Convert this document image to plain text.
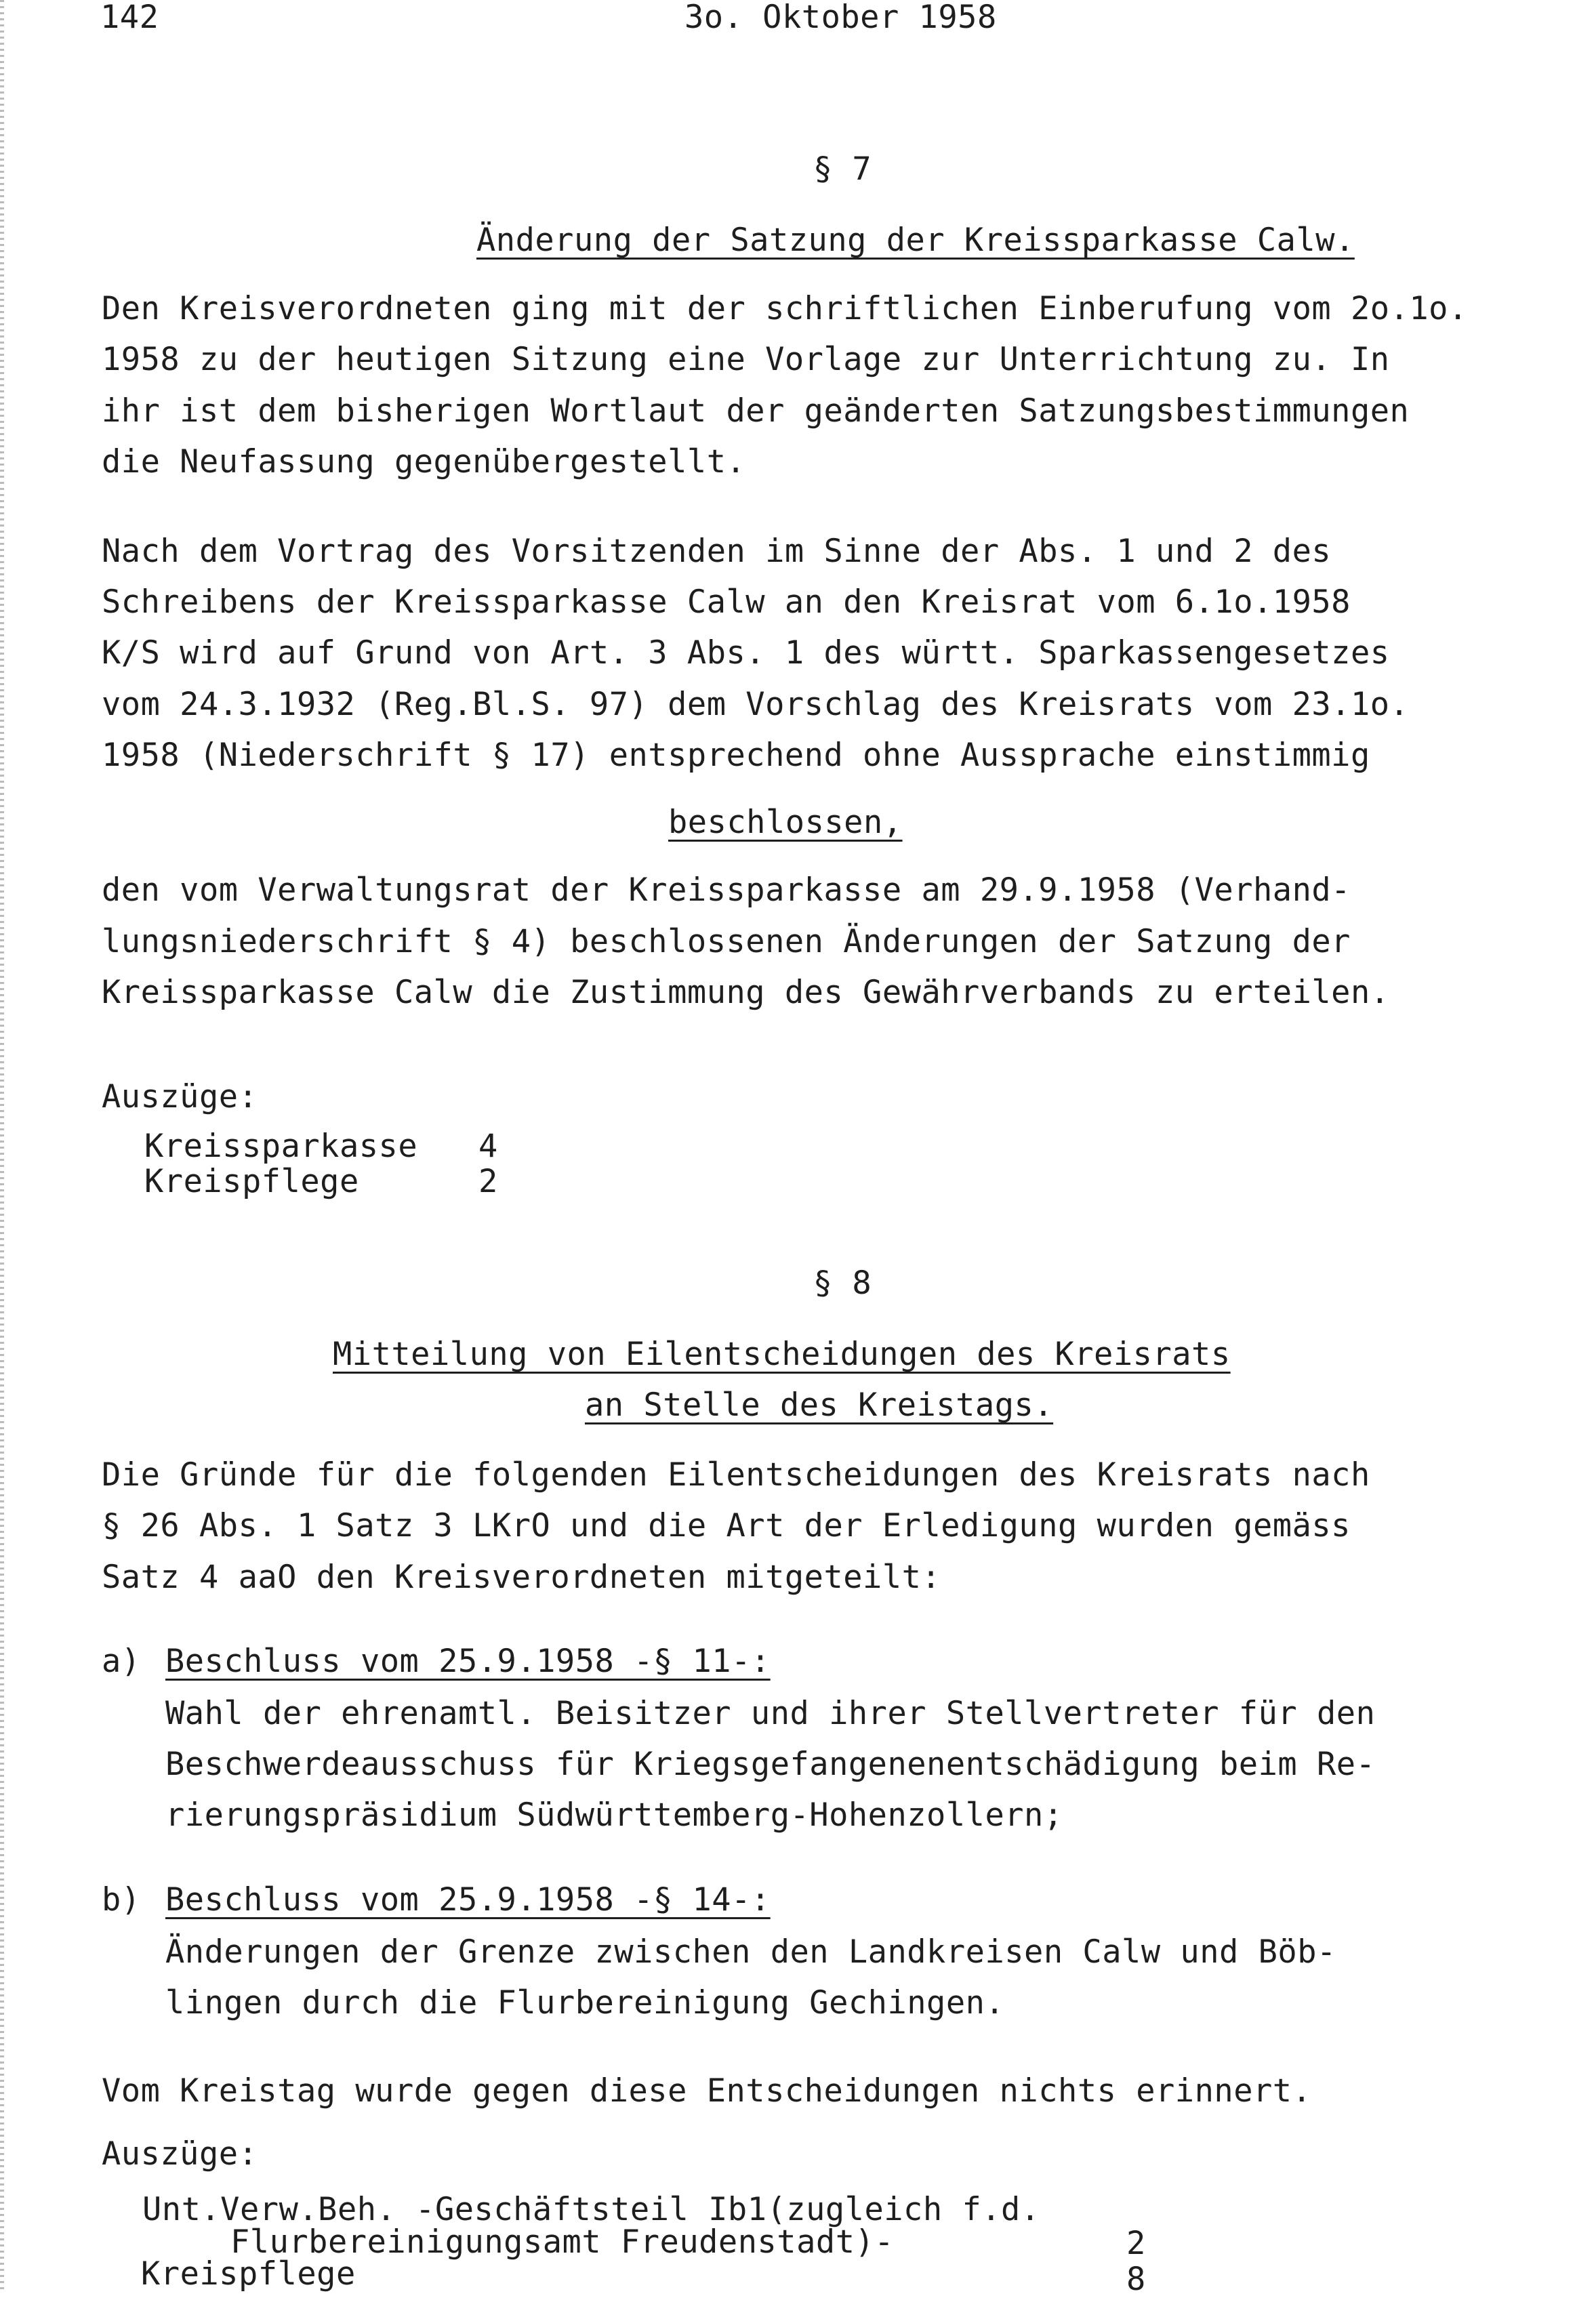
142	3o. Oktober 1958
§ 7
Änderung der Satzung der Kreissparkasse Calw.
Den Kreisverordneten ging mit der schriftlichen Einberufung vom 2o.1o.
1958 zu der heutigen Sitzung eine Vorlage zur Unterrichtung zu. In
ihr ist dem bisherigen Wortlaut der geänderten Satzungsbestimmungen
die Neufassung gegenübergestellt.
Nach dem Vortrag des Vorsitzenden im Sinne der Abs. 1 und 2 des
Schreibens der Kreissparkasse Calw an den Kreisrat vom 6.1o.1958
K/S wird auf Grund von Art. 3 Abs. 1 des württ. Sparkassengesetzes
vom 24.3.1932 (Reg.Bl.S. 97) dem Vorschlag des Kreisrats vom 23.1o.
1958 (Niederschrift § 17) entsprechend ohne Aussprache einstimmig
beschlossen,
den vom Verwaltungsrat der Kreissparkasse am 29.9.1958 (Verhand-
lungsniederschrift § 4) beschlossenen Änderungen der Satzung der
Kreissparkasse Calw die Zustimmung des Gewährverbands zu erteilen.
Auszüge:
Kreissparkasse 4
Kreispflege	2
§ 8
Mitteilung von Eilentscheidungen des Kreisrats
an Stelle des Kreistags.
Die Gründe für die folgenden Eilentscheidungen des Kreisrats nach
§ 26 Abs. 1 Satz 3 LKrO und die Art der Erledigung wurden gemäss
Satz 4 aaO den Kreisverordneten mitgeteilt:
a) Beschluss vom 25.9.1958 -§ 11-:
Wahl der ehrenamtl. Beisitzer und ihrer Stellvertreter für den
Beschwerdeausschuss für Kriegsgefangenenentschädigung beim Re-
rierungspräsidium Südwürttemberg-Hohenzollern;
b) Beschluss vom 25.9.1958 -§ 14-:
Änderungen der Grenze zwischen den Landkreisen Calw und Böb-
lingen durch die Flurbereinigung Gechingen.
Vom Kreistag wurde gegen diese Entscheidungen nichts erinnert.
Auszüge:
Unt.Verw.Beh. -Geschäftsteil Ib1(zugleich f.d.
Flurbereinigungsamt Freudenstadt)-	2
Kreispflege	8
